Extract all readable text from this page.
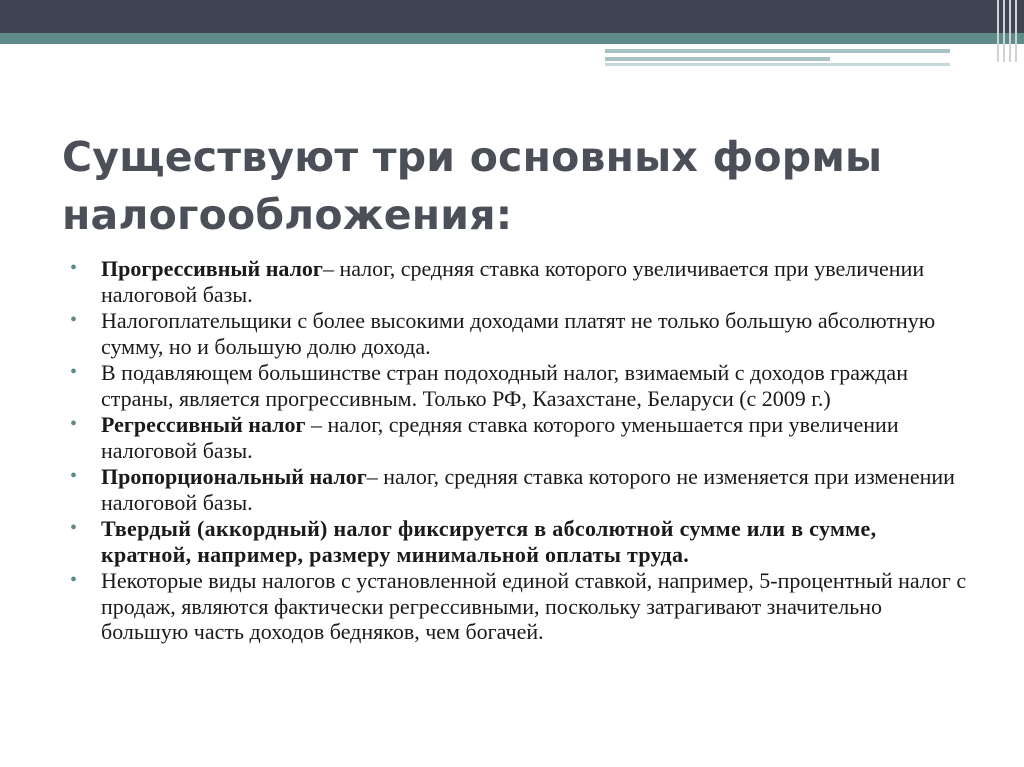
Существуют три основных формы налогообложения:
• Прогрессивный налог– налог, средняя ставка которого увеличивается при увеличении налоговой базы.
• Налогоплательщики с более высокими доходами платят не только большую абсолютную сумму, но и большую долю дохода.
• В подавляющем большинстве стран подоходный налог, взимаемый с доходов граждан страны, является прогрессивным. Только РФ, Казахстане, Беларуси (с 2009 г.)
• Регрессивный налог – налог, средняя ставка которого уменьшается при увеличении налоговой базы.
• Пропорциональный налог– налог, средняя ставка которого не изменяется при изменении налоговой базы.
• Твердый (аккордный) налог фиксируется в абсолютной сумме или в сумме, кратной, например, размеру минимальной оплаты труда.
• Некоторые виды налогов с установленной единой ставкой, например, 5-процентный налог с продаж, являются фактически регрессивными, поскольку затрагивают значительно большую часть доходов бедняков, чем богачей.
